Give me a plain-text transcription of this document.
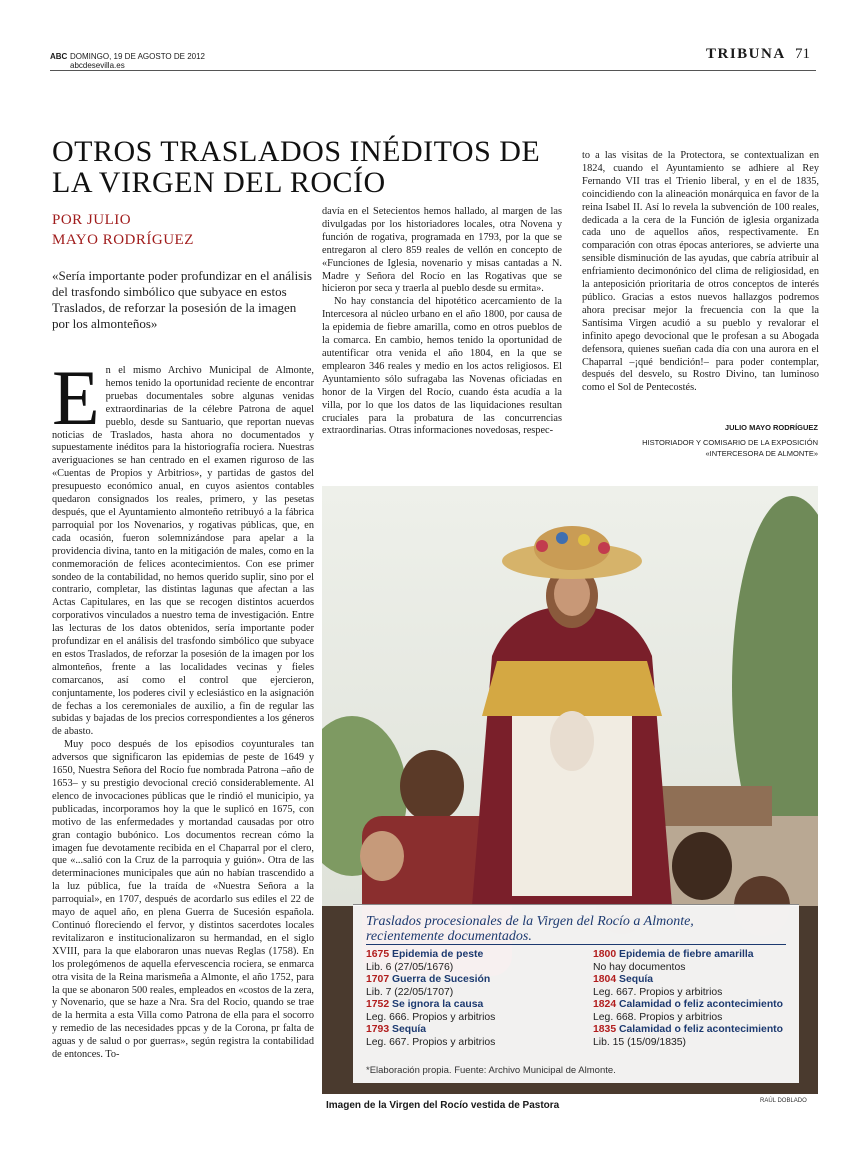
ABC DOMINGO, 19 DE AGOSTO DE 2012
abcdesevilla.es
TRIBUNA 71
OTROS TRASLADOS INÉDITOS DE
LA VIRGEN DEL ROCÍO
POR JULIO
MAYO RODRÍGUEZ
«Sería importante poder profundizar en el análisis del trasfondo simbólico que subyace en estos Traslados, de reforzar la posesión de la imagen por los almonteños»
E n el mismo Archivo Municipal de Almonte, hemos tenido la oportunidad reciente de encontrar pruebas documentales sobre algunas venidas extraordinarias de la célebre Patrona de aquel pueblo, desde su Santuario, que reportan nuevas noticias de Traslados, hasta ahora no documentados y supuestamente inéditos para la historiografía rociera. Nuestras averiguaciones se han centrado en el examen riguroso de las «Cuentas de Propios y Arbitrios», y partidas de gastos del presupuesto económico anual, en cuyos asientos contables quedaron consignados los reales, primero, y las pesetas después, que el Ayuntamiento almonteño retribuyó a la fábrica parroquial por los Novenarios, y rogativas públicas, que, en cada ocasión, fueron solemnizándose para apelar a la providencia divina, tanto en la mitigación de males, como en la conmemoración de felices acontecimientos. Con ese primer sondeo de la contabilidad, no hemos querido suplir, sino por el contrario, completar, las distintas lagunas que afectan a las Actas Capitulares, en las que se recogen distintos acuerdos corporativos vinculados a nuestro tema de investigación. Entre las lecturas de los datos obtenidos, sería importante poder profundizar en el análisis del trasfondo simbólico que subyace en estos Traslados, de reforzar la posesión de la imagen por los almonteños, frente a las localidades vecinas y fieles comarcanos, así como el control que ejercieron, conjuntamente, los poderes civil y eclesiástico en la asignación de fechas a los ceremoniales de auxilio, a fin de regular las subidas y bajadas de los precios correspondientes a los géneros de abasto.

Muy poco después de los episodios coyunturales tan adversos que significaron las epidemias de peste de 1649 y 1650, Nuestra Señora del Rocío fue nombrada Patrona –año de 1653– y su prestigio devocional creció considerablemente. Al elenco de invocaciones públicas que le rindió el municipio, ya publicadas, incorporamos hoy la que le suplicó en 1675, con motivo de las enfermedades y mortandad causadas por otro gran contagio bubónico. Los documentos recrean cómo la imagen fue devotamente recibida en el Chaparral por el clero, que «...salió con la Cruz de la parroquia y guión». Otra de las determinaciones municipales que aún no habían trascendido a la luz pública, fue la traída de «Nuestra Señora a la parroquial», en 1707, después de acordarlo sus ediles el 22 de mayo de aquel año, en plena Guerra de Sucesión española. Continuó floreciendo el fervor, y distintos sacerdotes locales revitalizaron e institucionalizaron su hermandad, en el siglo XVIII, para la que elaboraron unas nuevas Reglas (1758). En los prolegómenos de aquella efervescencia rociera, se enmarca otra visita de la Reina marismeña a Almonte, el año 1752, para la que se abonaron 500 reales, empleados en «costos de la zera, y Novenario, que se haze a Nra. Sra del Rocio, quando se trae de la hermita a esta Villa como Patrona de ella para el socorro y remedio de las necesidades ppcas y de la Corona, pr falta de aguas y de salud o por guerras», según registra la contabilidad de entonces. To-

davía en el Setecientos hemos hallado, al margen de las divulgadas por los historiadores locales, otra Novena y función de rogativa, programada en 1793, por la que se entregaron al clero 859 reales de vellón en concepto de «Funciones de Iglesia, novenario y misas cantadas a N. Madre y Señora del Rocío en las Rogativas que se hicieron por seca y traerla al pueblo desde su ermita».

No hay constancia del hipotético acercamiento de la Intercesora al núcleo urbano en el año 1800, por causa de la epidemia de fiebre amarilla, como en otros pueblos de la comarca. En cambio, hemos tenido la oportunidad de autentificar otra venida el año 1804, en la que se emplearon 346 reales y medio en los actos religiosos. El Ayuntamiento sólo sufragaba las Novenas oficiadas en honor de la Virgen del Rocío, cuando ésta acudía a la villa, por lo que los datos de las liquidaciones resultan cruciales para la probatura de las concurrencias extraordinarias. Otras informaciones novedosas, respec-

to a las visitas de la Protectora, se contextualizan en 1824, cuando el Ayuntamiento se adhiere al Rey Fernando VII tras el Trienio liberal, y en el de 1835, coincidiendo con la alineación monárquica en favor de la reina Isabel II. Así lo revela la subvención de 100 reales, dedicada a la cera de la Función de iglesia organizada cada uno de aquellos años, respectivamente. En comparación con otras épocas anteriores, se advierte una sensible disminución de las ayudas, que cabría atribuir al enfriamiento decimonónico del clima de religiosidad, en la anteposición prioritaria de otros conceptos de interés público. Gracias a estos nuevos hallazgos podremos ahora precisar mejor la frecuencia con la que la Santísima Virgen acudió a su pueblo y revalorar el infinito apego devocional que le profesan a su Abogada defensora, quienes sueñan cada día con una aurora en el Chaparral –¡qué bendición!– para poder contemplar, después del desvelo, su Rostro Divino, tan luminoso como el Sol de Pentecostés.

JULIO MAYO RODRÍGUEZ
HISTORIADOR Y COMISARIO DE LA EXPOSICIÓN
«INTERCESORA DE ALMONTE»
RAÚL DOBLADO
Traslados procesionales de la Virgen del Rocío a Almonte,
recientemente documentados.
1675 Epidemia de peste
Lib. 6 (27/05/1676)
1707 Guerra de Sucesión
Lib. 7 (22/05/1707)
1752 Se ignora la causa
Leg. 666. Propios y arbitrios
1793 Sequía
Leg. 667. Propios y arbitrios
1800 Epidemia de fiebre amarilla
No hay documentos
1804 Sequía
Leg. 667. Propios y arbitrios
1824 Calamidad o feliz acontecimiento
Leg. 668. Propios y arbitrios
1835 Calamidad o feliz acontecimiento
Lib. 15 (15/09/1835)
*Elaboración propia. Fuente: Archivo Municipal de Almonte.
Imagen de la Virgen del Rocío vestida de Pastora
